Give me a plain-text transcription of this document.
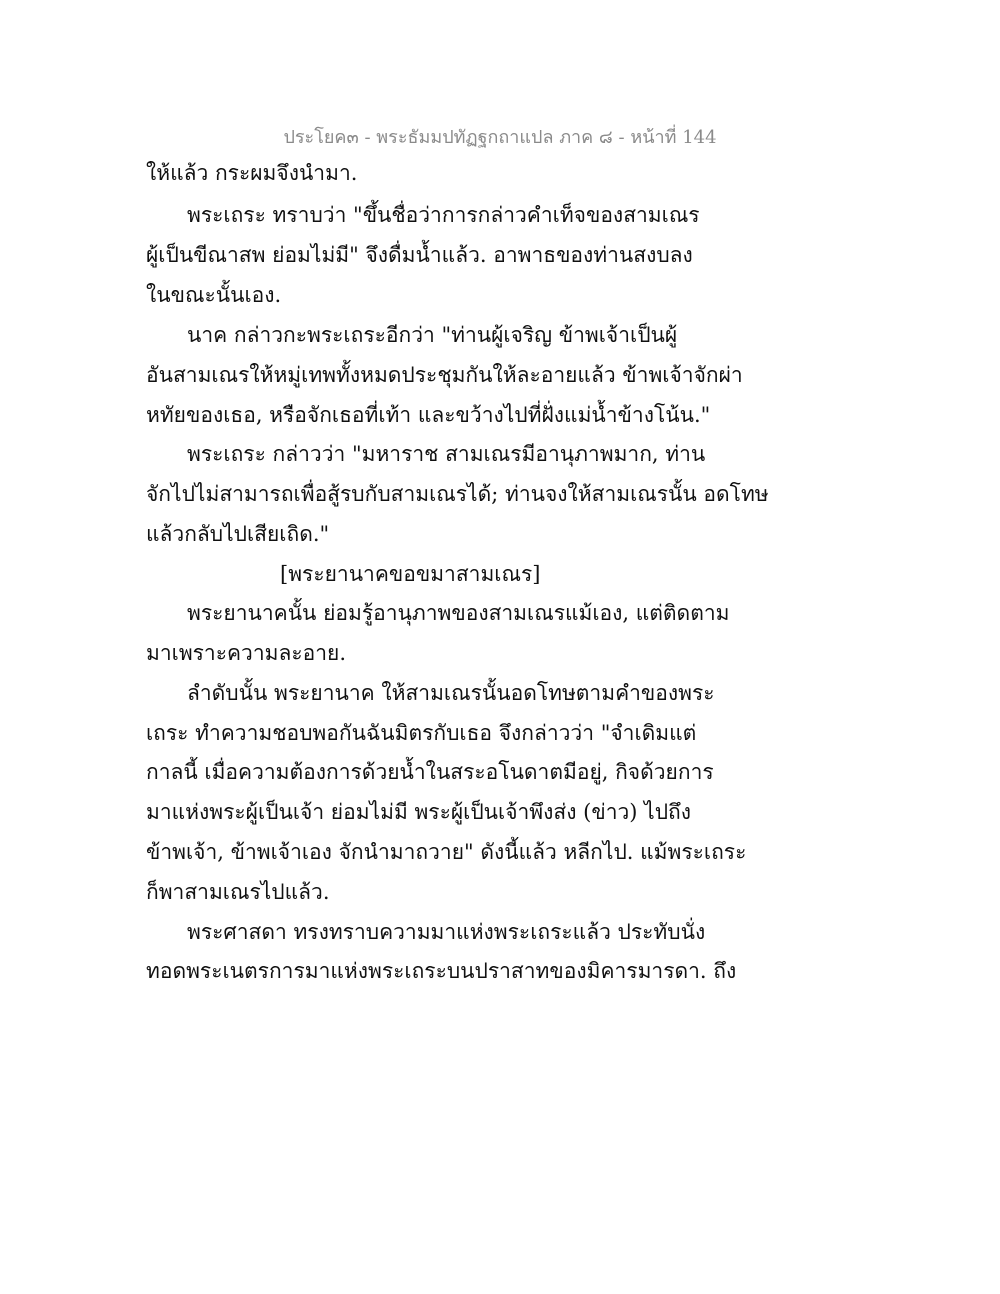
ประโยค๓ - พระธัมมปทัฏฐกถาแปล ภาค ๘ - หน้าที่ 144
ให้แล้ว กระผมจึงนำมา.
พระเถระ ทราบว่า "ขึ้นชื่อว่าการกล่าวคำเท็จของสามเณร
ผู้เป็นขีณาสพ ย่อมไม่มี" จึงดื่มน้ำแล้ว. อาพาธของท่านสงบลง
ในขณะนั้นเอง.
นาค กล่าวกะพระเถระอีกว่า "ท่านผู้เจริญ ข้าพเจ้าเป็นผู้
อันสามเณรให้หมู่เทพทั้งหมดประชุมกันให้ละอายแล้ว ข้าพเจ้าจักผ่า
หทัยของเธอ, หรือจักเธอที่เท้า และขว้างไปที่ฝั่งแม่น้ำข้างโน้น."
พระเถระ กล่าวว่า "มหาราช สามเณรมีอานุภาพมาก, ท่าน
จักไปไม่สามารถเพื่อสู้รบกับสามเณรได้; ท่านจงให้สามเณรนั้น อดโทษ
แล้วกลับไปเสียเถิด."
[พระยานาคขอขมาสามเณร]
พระยานาคนั้น ย่อมรู้อานุภาพของสามเณรแม้เอง, แต่ติดตาม
มาเพราะความละอาย.
ลำดับนั้น พระยานาค ให้สามเณรนั้นอดโทษตามคำของพระ
เถระ ทำความชอบพอกันฉันมิตรกับเธอ จึงกล่าวว่า "จำเดิมแต่
กาลนี้ เมื่อความต้องการด้วยน้ำในสระอโนดาตมีอยู่, กิจด้วยการ
มาแห่งพระผู้เป็นเจ้า ย่อมไม่มี พระผู้เป็นเจ้าพึงส่ง (ข่าว) ไปถึง
ข้าพเจ้า, ข้าพเจ้าเอง จักนำมาถวาย" ดังนี้แล้ว หลีกไป. แม้พระเถระ
ก็พาสามเณรไปแล้ว.
พระศาสดา ทรงทราบความมาแห่งพระเถระแล้ว ประทับนั่ง
ทอดพระเนตรการมาแห่งพระเถระบนปราสาทของมิคารมารดา. ถึง
